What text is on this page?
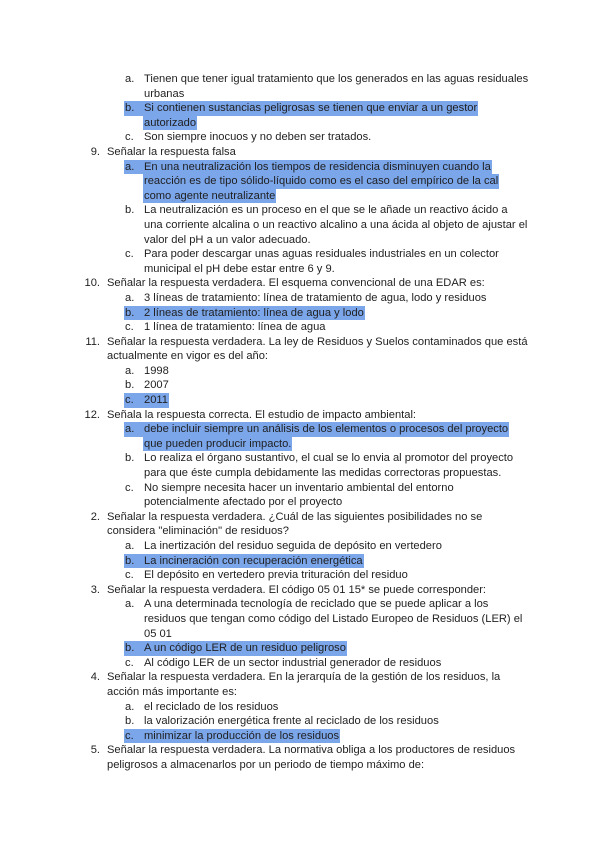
a. Tienen que tener igual tratamiento que los generados en las aguas residuales
urbanas
b. Si contienen sustancias peligrosas se tienen que enviar a un gestor
autorizado
c. Son siempre inocuos y no deben ser tratados.
9. Señalar la respuesta falsa
a. En una neutralización los tiempos de residencia disminuyen cuando la
reacción es de tipo sólido-líquido como es el caso del empírico de la cal
como agente neutralizante
b. La neutralización es un proceso en el que se le añade un reactivo ácido a
una corriente alcalina o un reactivo alcalino a una ácida al objeto de ajustar el
valor del pH a un valor adecuado.
c. Para poder descargar unas aguas residuales industriales en un colector
municipal el pH debe estar entre 6 y 9.
10. Señalar la respuesta verdadera. El esquema convencional de una EDAR es:
a. 3 líneas de tratamiento: línea de tratamiento de agua, lodo y residuos
b. 2 líneas de tratamiento: línea de agua y lodo
c. 1 línea de tratamiento: línea de agua
11. Señalar la respuesta verdadera. La ley de Residuos y Suelos contaminados que está
actualmente en vigor es del año:
a. 1998
b. 2007
c. 2011
12. Señala la respuesta correcta. El estudio de impacto ambiental:
a. debe incluir siempre un análisis de los elementos o procesos del proyecto
que pueden producir impacto.
b. Lo realiza el órgano sustantivo, el cual se lo envia al promotor del proyecto
para que éste cumpla debidamente las medidas correctoras propuestas.
c. No siempre necesita hacer un inventario ambiental del entorno
potencialmente afectado por el proyecto
2. Señalar la respuesta verdadera. ¿Cuál de las siguientes posibilidades no se
considera "eliminación" de residuos?
a. La inertización del residuo seguida de depósito en vertedero
b. La incineración con recuperación energética
c. El depósito en vertedero previa trituración del residuo
3. Señalar la respuesta verdadera. El código 05 01 15* se puede corresponder:
a. A una determinada tecnología de reciclado que se puede aplicar a los
residuos que tengan como código del Listado Europeo de Residuos (LER) el
05 01
b. A un código LER de un residuo peligroso
c. Al código LER de un sector industrial generador de residuos
4. Señalar la respuesta verdadera. En la jerarquía de la gestión de los residuos, la
acción más importante es:
a. el reciclado de los residuos
b. la valorización energética frente al reciclado de los residuos
c. minimizar la producción de los residuos
5. Señalar la respuesta verdadera. La normativa obliga a los productores de residuos
peligrosos a almacenarlos por un periodo de tiempo máximo de:
